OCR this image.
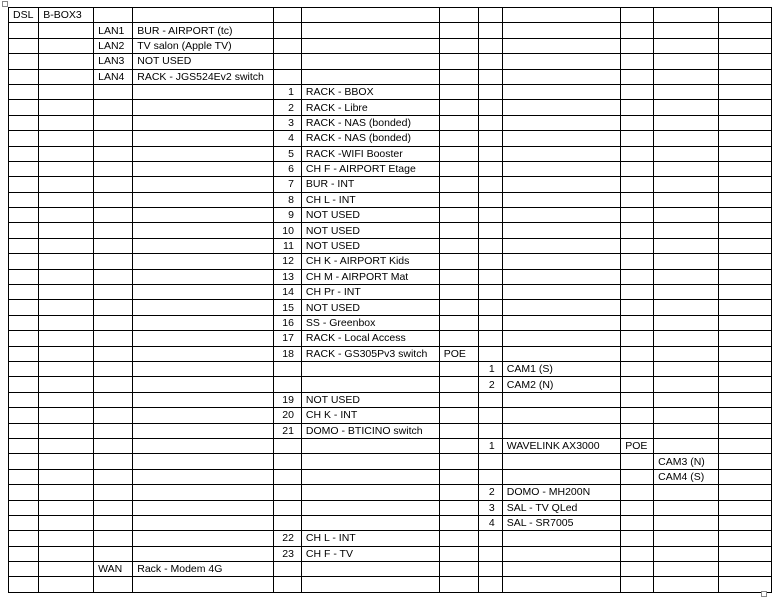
DSL	B-BOX3										
		LAN1	BUR - AIRPORT (tc)								
		LAN2	TV salon (Apple TV)								
		LAN3	NOT USED								
		LAN4	RACK - JGS524Ev2 switch								
				1	RACK - BBOX						
				2	RACK - Libre						
				3	RACK - NAS (bonded)						
				4	RACK - NAS (bonded)						
				5	RACK -WIFI Booster						
				6	CH F - AIRPORT Etage						
				7	BUR - INT						
				8	CH L - INT						
				9	NOT USED						
				10	NOT USED						
				11	NOT USED						
				12	CH K - AIRPORT Kids						
				13	CH M - AIRPORT Mat						
				14	CH Pr - INT						
				15	NOT USED						
				16	SS - Greenbox						
				17	RACK - Local Access						
				18	RACK - GS305Pv3 switch	POE					
							1	CAM1 (S)			
							2	CAM2 (N)			
				19	NOT USED						
				20	CH K - INT						
				21	DOMO - BTICINO switch						
							1	WAVELINK AX3000	POE		
										CAM3 (N)	
										CAM4 (S)	
							2	DOMO - MH200N			
							3	SAL - TV QLed			
							4	SAL - SR7005			
				22	CH L - INT						
				23	CH F - TV						
		WAN	Rack - Modem 4G								
